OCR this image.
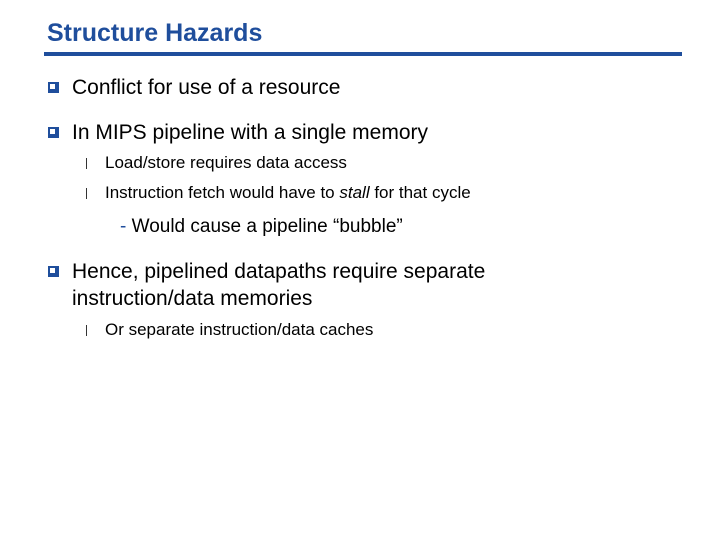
Structure Hazards
Conflict for use of a resource
In MIPS pipeline with a single memory
Load/store requires data access
Instruction fetch would have to stall for that cycle
- Would cause a pipeline “bubble”
Hence, pipelined datapaths require separate
instruction/data memories
Or separate instruction/data caches
